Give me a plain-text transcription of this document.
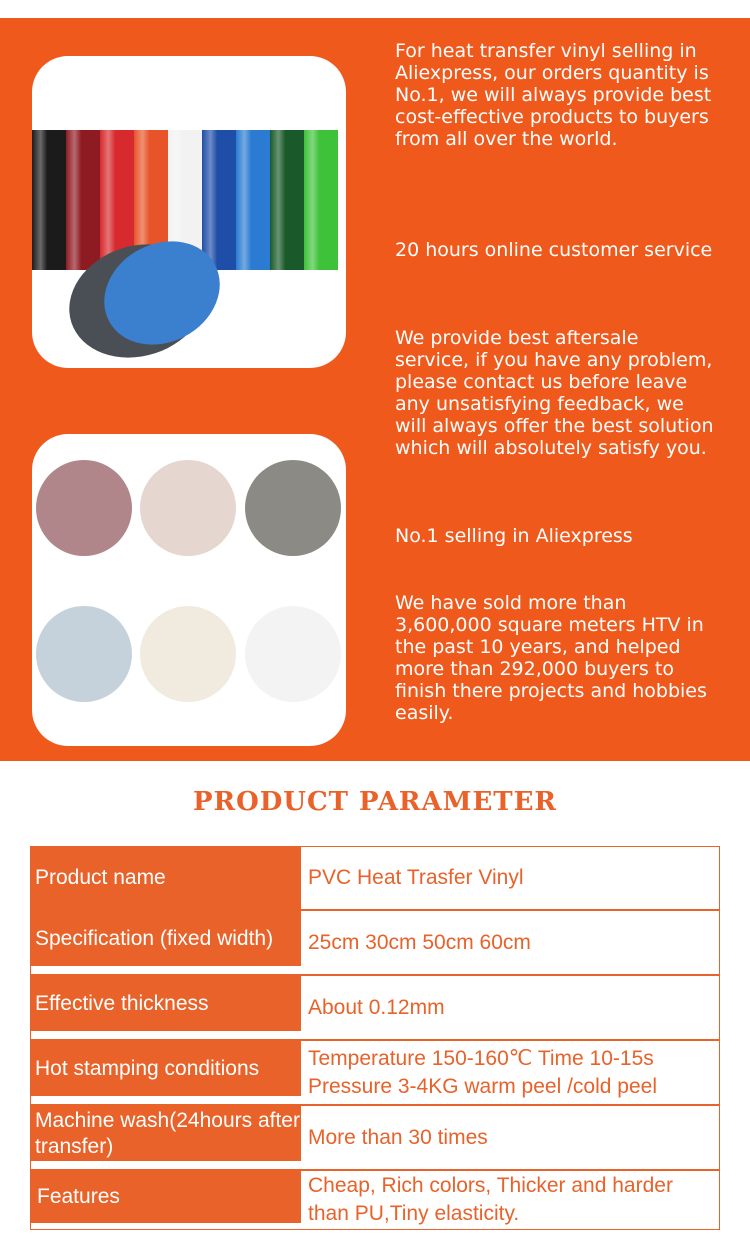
For heat transfer vinyl selling in Aliexpress, our orders quantity is No.1, we will always provide best cost-effective products to buyers from all over the world.
20 hours online customer service
We provide best aftersale service, if you have any problem, please contact us before leave any unsatisfying feedback, we will always offer the best solution which will absolutely satisfy you.
No.1 selling in Aliexpress
We have sold more than 3,600,000 square meters HTV in the past 10 years, and helped more than 292,000 buyers to finish there projects and hobbies easily.
PRODUCT PARAMETER
Product name	PVC Heat Trasfer Vinyl
Specification (fixed width)	25cm 30cm 50cm 60cm
Effective thickness	About 0.12mm
Hot stamping conditions	Temperature 150-160℃ Time 10-15s
Pressure 3-4KG warm peel /cold peel
Machine wash(24hours after transfer)	More than 30 times
Features	Cheap, Rich colors, Thicker and harder than PU,Tiny elasticity.
